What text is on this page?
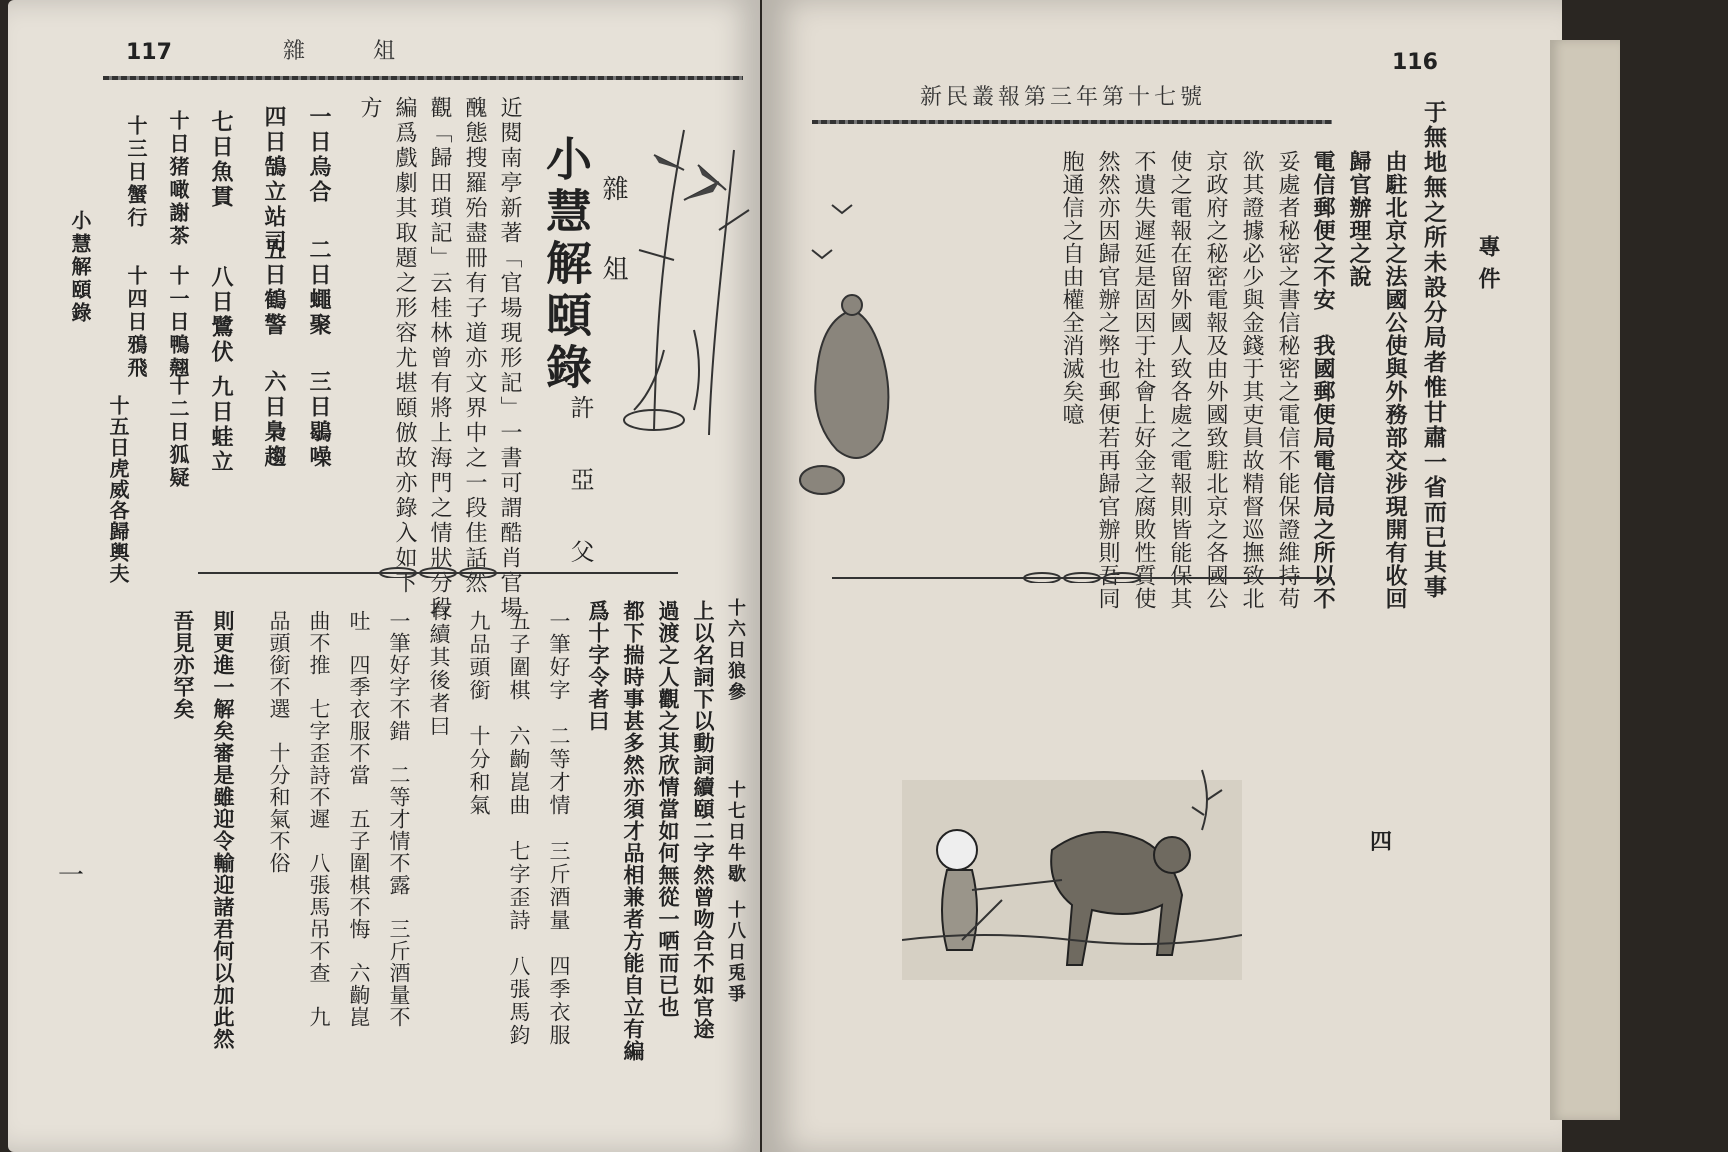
117	雜　　俎
雜　俎
小慧解頤錄
許　亞　父
近閱南亭新著「官場現形記」一書可謂酷肖官場
醜態搜羅殆盡冊有子道亦文界中之一段佳話然
觀「歸田瑣記」云桂林曾有將上海門之情狀分段
編爲戲劇其取題之形容尤堪頤倣故亦錄入如下
方
一日烏合
二日蠅聚
三日鶡噪
四日鵠立站司
五日鶴警
六日梟趨
七日魚貫
八日鷺伏
九日蛙立
十日猪噉謝茶
十一日鴨翹
十二日狐疑
十三日蟹行
十四日鴉飛
十五日虎威各歸輿夫
小慧解頤錄
十六日狼參
十七日牛歇
十八日兎爭
上以名詞下以動詞續頤二字然曾吻合不如官途
過渡之人觀之其欣情當如何無從一哂而已也
都下揣時事甚多然亦須才品相兼者方能自立有編
爲十字令者曰
一筆好字　二等才情　三斤酒量　四季衣服
五子圍棋　六齣崑曲　七字歪詩　八張馬鈞
九品頭銜　十分和氣
有續其後者曰
一筆好字不錯　二等才情不露　三斤酒量不
吐　四季衣服不當　五子圍棋不悔　六齣崑
曲不推　七字歪詩不遲　八張馬吊不查　九
品頭銜不選　十分和氣不俗
則更進一解矣審是雖迎令輸迎諸君何以加此然
吾見亦罕矣
一
新民叢報第三年第十七號
116
專件
于無地無之所未設分局者惟甘肅一省而已其事
由駐北京之法國公使與外務部交涉現開有收回
歸官辦理之說
電信郵便之不安　我國郵便局電信局之所以不
妥處者秘密之書信秘密之電信不能保證維持苟
欲其證據必少與金錢于其吏員故精督巡撫致北
京政府之秘密電報及由外國致駐北京之各國公
使之電報在留外國人致各處之電報則皆能保其
不遺失遲延是固因于社會上好金之腐敗性質使
然然亦因歸官辦之弊也郵便若再歸官辦則吾同
胞通信之自由權全消滅矣噫
四
